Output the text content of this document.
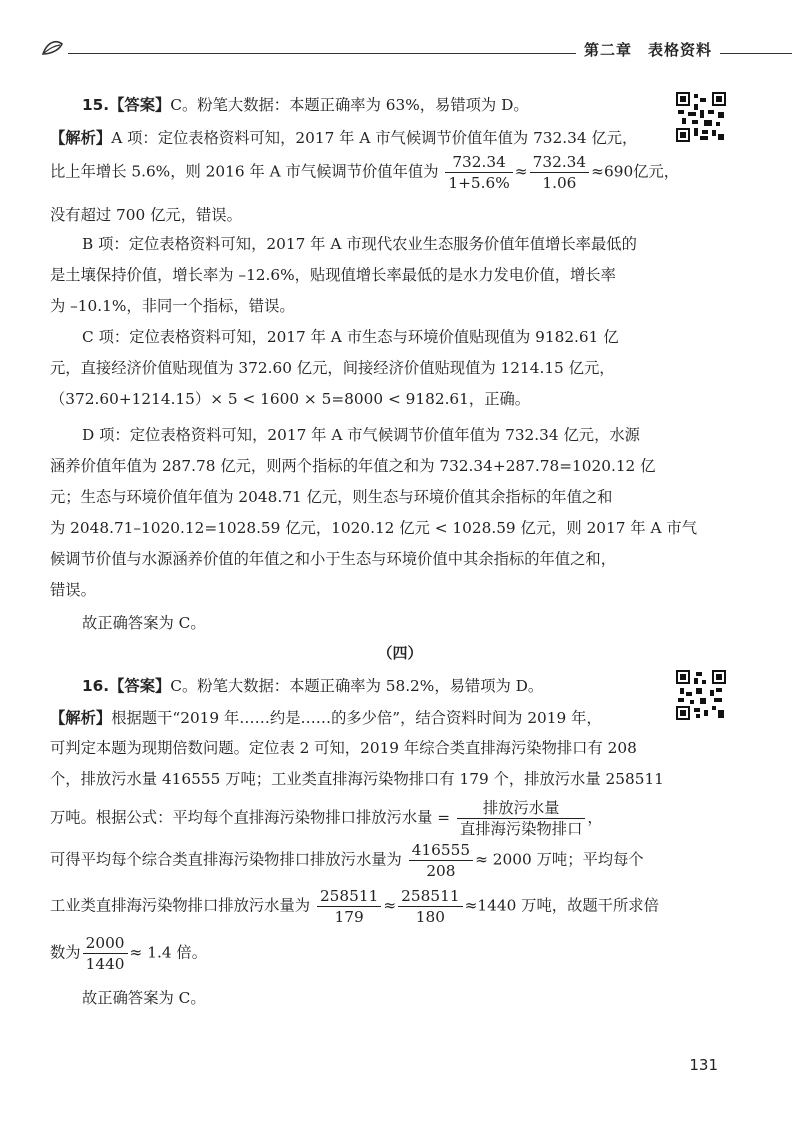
第二章　表格资料
15.【答案】C。粉笔大数据：本题正确率为 63%，易错项为 D。
【解析】A 项：定位表格资料可知，2017 年 A 市气候调节价值年值为 732.34 亿元，
比上年增长 5.6%，则 2016 年 A 市气候调节价值年值为 $\frac{732.34}{1+5.6\%} \approx \frac{732.34}{1.06} \approx 690$亿元，
没有超过 700 亿元，错误。
B 项：定位表格资料可知，2017 年 A 市现代农业生态服务价值年值增长率最低的
是土壤保持价值，增长率为 –12.6%，贴现值增长率最低的是水力发电价值，增长率
为 –10.1%，非同一个指标，错误。
C 项：定位表格资料可知，2017 年 A 市生态与环境价值贴现值为 9182.61 亿
元，直接经济价值贴现值为 372.60 亿元，间接经济价值贴现值为 1214.15 亿元，
（372.60+1214.15）× 5 < 1600 × 5=8000 < 9182.61，正确。
D 项：定位表格资料可知，2017 年 A 市气候调节价值年值为 732.34 亿元，水源
涵养价值年值为 287.78 亿元，则两个指标的年值之和为 732.34+287.78=1020.12 亿
元；生态与环境价值年值为 2048.71 亿元，则生态与环境价值其余指标的年值之和
为 2048.71–1020.12=1028.59 亿元，1020.12 亿元 < 1028.59 亿元，则 2017 年 A 市气
候调节价值与水源涵养价值的年值之和小于生态与环境价值中其余指标的年值之和，
错误。
故正确答案为 C。
（四）
16.【答案】C。粉笔大数据：本题正确率为 58.2%，易错项为 D。
【解析】根据题干“2019 年……约是……的多少倍”，结合资料时间为 2019 年，
可判定本题为现期倍数问题。定位表 2 可知，2019 年综合类直排海污染物排口有 208
个，排放污水量 416555 万吨；工业类直排海污染物排口有 179 个，排放污水量 258511
万吨。根据公式：平均每个直排海污染物排口排放污水量 = $\frac{\text{排放污水量}}{\text{直排海污染物排口}}$ ，
可得平均每个综合类直排海污染物排口排放污水量为 $\frac{416555}{208} \approx 2000$ 万吨；平均每个
工业类直排海污染物排口排放污水量为 $\frac{258511}{179} \approx \frac{258511}{180} \approx 1440$ 万吨，故题干所求倍
数为 $\frac{2000}{1440} \approx 1.4$ 倍。
故正确答案为 C。
131
